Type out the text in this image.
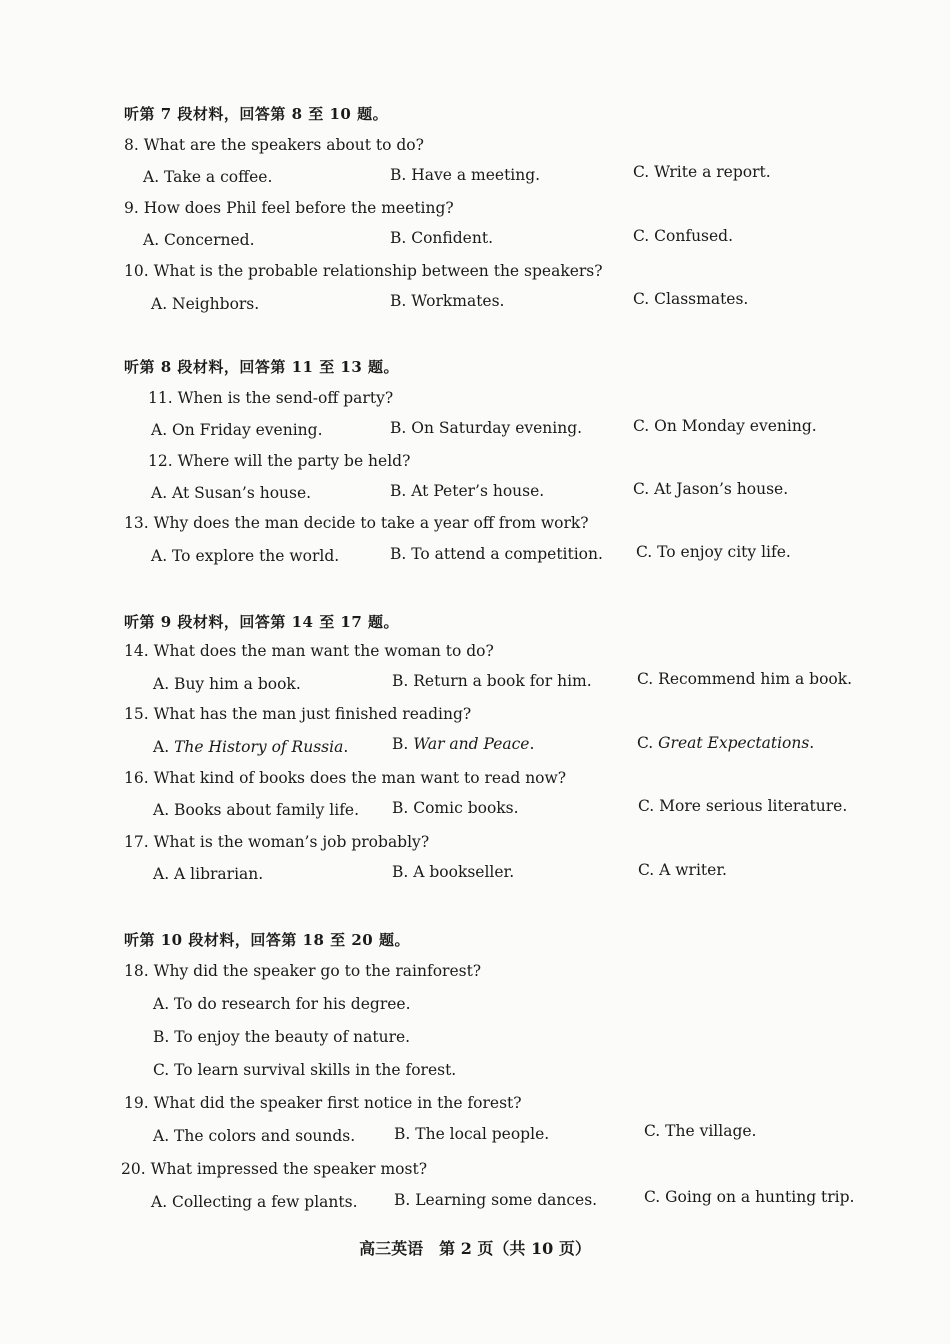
听第 7 段材料，回答第 8 至 10 题。
8. What are the speakers about to do?
A. Take a coffee.	B. Have a meeting.	C. Write a report.
9. How does Phil feel before the meeting?
A. Concerned.	B. Confident.	C. Confused.
10. What is the probable relationship between the speakers?
A. Neighbors.	B. Workmates.	C. Classmates.
听第 8 段材料，回答第 11 至 13 题。
11. When is the send-off party?
A. On Friday evening.	B. On Saturday evening.	C. On Monday evening.
12. Where will the party be held?
A. At Susan’s house.	B. At Peter’s house.	C. At Jason’s house.
13. Why does the man decide to take a year off from work?
A. To explore the world.	B. To attend a competition. C. To enjoy city life.
听第 9 段材料，回答第 14 至 17 题。
14. What does the man want the woman to do?
A. Buy him a book.	B. Return a book for him.	C. Recommend him a book.
15. What has the man just finished reading?
A. The History of Russia.	B. War and Peace.	C. Great Expectations.
16. What kind of books does the man want to read now?
A. Books about family life. B. Comic books.	C. More serious literature.
17. What is the woman’s job probably?
A. A librarian.	B. A bookseller.	C. A writer.
听第 10 段材料，回答第 18 至 20 题。
18. Why did the speaker go to the rainforest?
A. To do research for his degree.
B. To enjoy the beauty of nature.
C. To learn survival skills in the forest.
19. What did the speaker first notice in the forest?
A. The colors and sounds.	B. The local people.	C. The village.
20. What impressed the speaker most?
A. Collecting a few plants. B. Learning some dances.	C. Going on a hunting trip.
高三英语　第 2 页（共 10 页）
